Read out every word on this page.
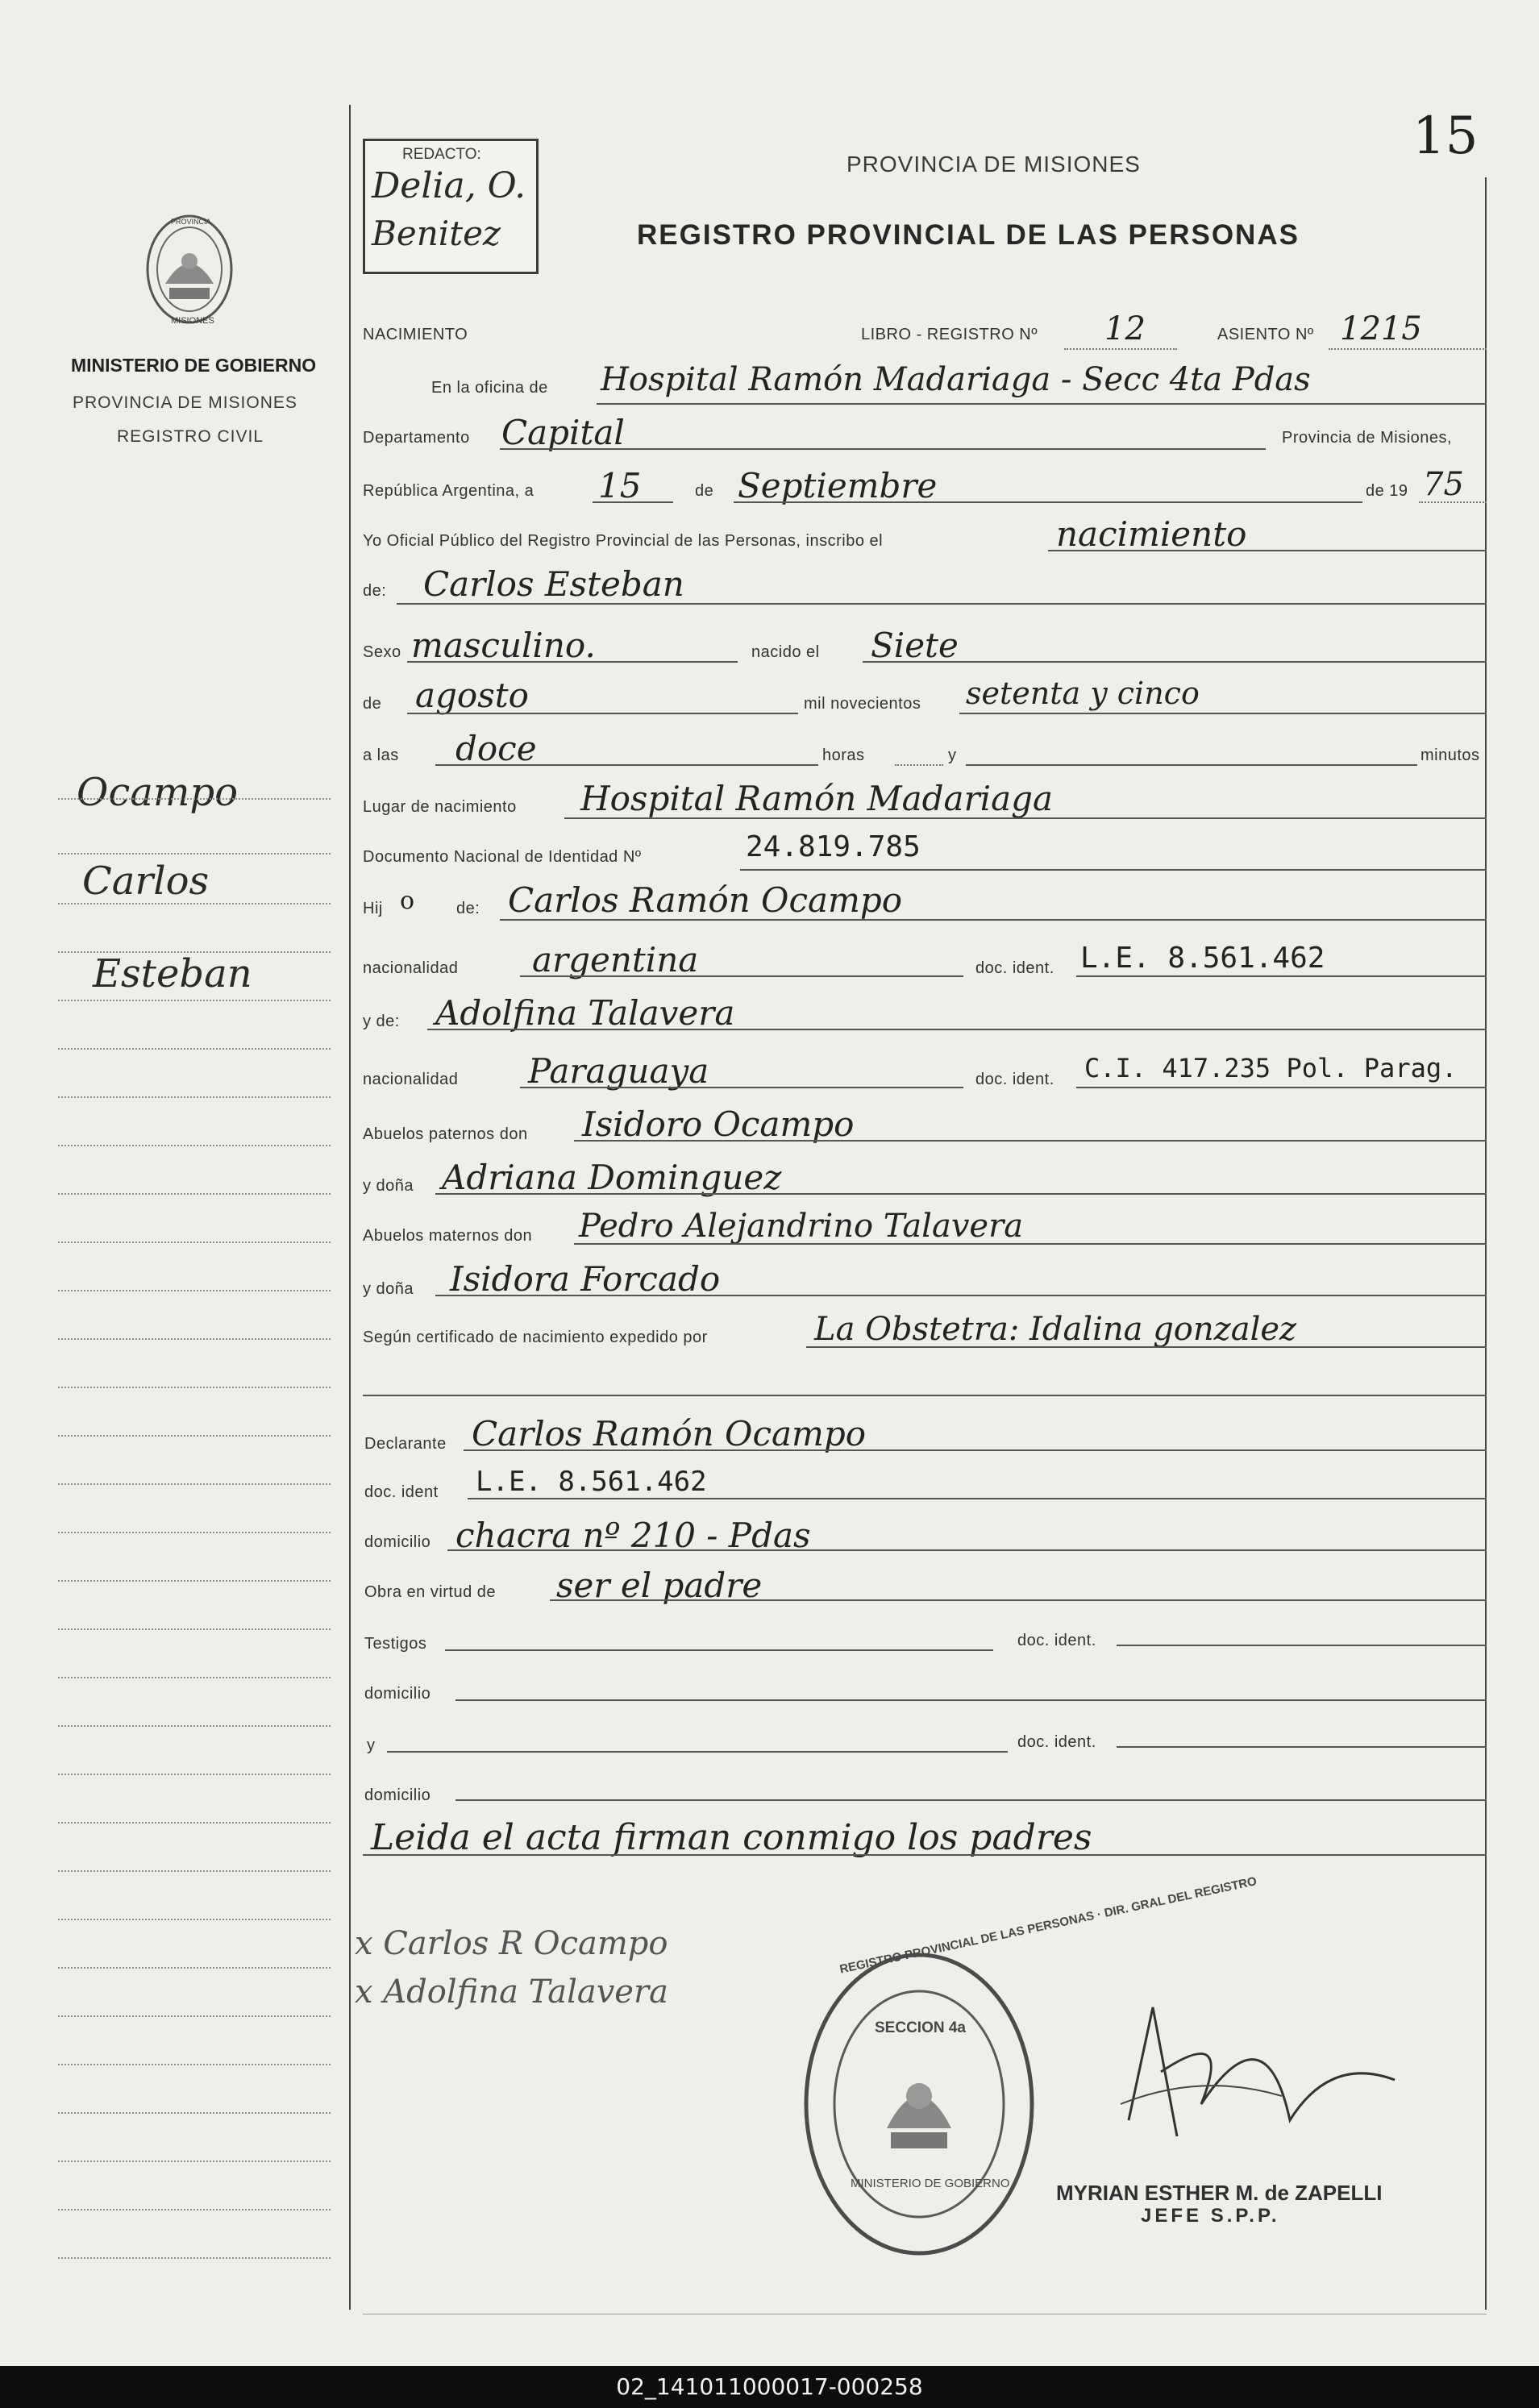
PROVINCIA
MISIONES
MINISTERIO DE GOBIERNO
PROVINCIA DE MISIONES
REGISTRO CIVIL
Ocampo
Carlos
Esteban
15
REDACTO:
Delia, O.
Benitez
PROVINCIA DE MISIONES
REGISTRO PROVINCIAL DE LAS PERSONAS
NACIMIENTO	LIBRO - REGISTRO Nº 12	ASIENTO Nº 1215
En la oficina de Hospital Ramón Madariaga - Secc 4ta Pdas
Departamento Capital	Provincia de Misiones,
República Argentina, a 15	de Septiembre	de 19 75
Yo Oficial Público del Registro Provincial de las Personas, inscribo el	nacimiento
de: Carlos Esteban
Sexo masculino.	nacido el Siete
de agosto	mil novecientos setenta y cinco
a las doce	horas	y	minutos
Lugar de nacimiento Hospital Ramón Madariaga
Documento Nacional de Identidad Nº	24.819.785
Hij o	de: Carlos Ramón Ocampo
nacionalidad argentina	doc. ident. L.E. 8.561.462
y de: Adolfina Talavera
nacionalidad Paraguaya	doc. ident. C.I. 417.235 Pol. Parag.
Abuelos paternos don Isidoro Ocampo
y doña Adriana Dominguez
Abuelos maternos don Pedro Alejandrino Talavera
y doña Isidora Forcado
Según certificado de nacimiento expedido por	La Obstetra: Idalina gonzalez
Declarante Carlos Ramón Ocampo
doc. ident L.E. 8.561.462
domicilio chacra nº 210 - Pdas
Obra en virtud de ser el padre
Testigos	doc. ident.
domicilio
y	doc. ident.
domicilio
Leida el acta firman conmigo los padres
x Carlos R Ocampo
x Adolfina Talavera
REGISTRO PROVINCIAL DE LAS PERSONAS · DIR. GRAL DEL REGISTRO
SECCION 4a
MINISTERIO DE GOBIERNO MYRIAN ESTHER M. de ZAPELLI
JEFE S.P.P.
02_141011000017-000258
